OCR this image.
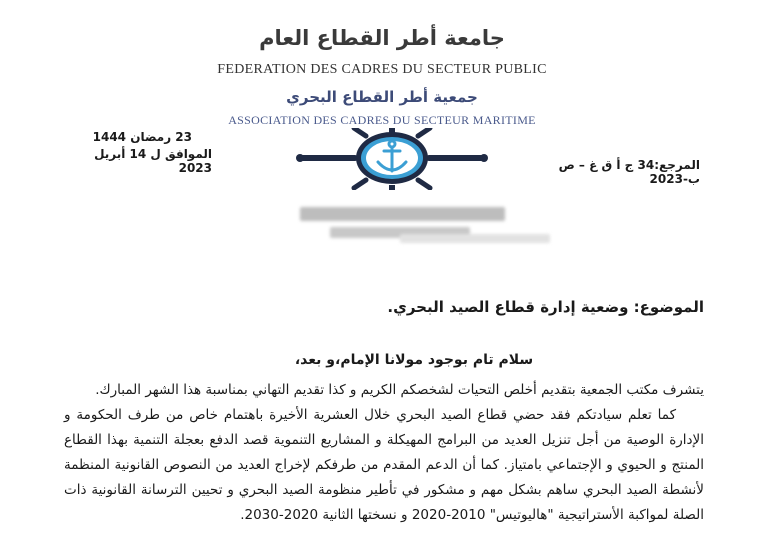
جامعة أطر القطاع العام
FEDERATION DES CADRES DU SECTEUR PUBLIC
جمعية أطر القطاع البحري
ASSOCIATION DES CADRES DU SECTEUR MARITIME
23 رمضان 1444
الموافق ل 14 أبريل 2023	المرجع:34 ج أ ق غ – ص ب-2023
الموضوع: وضعية إدارة قطاع الصيد البحري.
سلام تام بوجود مولانا الإمام،و بعد،

يتشرف مكتب الجمعية بتقديم أخلص التحيات لشخصكم الكريم و كذا تقديم التهاني بمناسبة هذا الشهر المبارك.

كما تعلم سيادتكم فقد حضي قطاع الصيد البحري خلال العشرية الأخيرة باهتمام خاص من طرف الحكومة و الإدارة الوصية من أجل تنزيل العديد من البرامج المهيكلة و المشاريع التنموية قصد الدفع بعجلة التنمية بهذا القطاع المنتج و الحيوي و الإجتماعي بامتياز. كما أن الدعم المقدم من طرفكم لإخراج العديد من النصوص القانونية المنظمة لأنشطة الصيد البحري ساهم بشكل مهم و مشكور في تأطير منظومة الصيد البحري و تحيين الترسانة القانونية ذات الصلة لمواكبة الأستراتيجية "هاليوتيس" 2010-2020 و نسختها الثانية 2020-2030.
